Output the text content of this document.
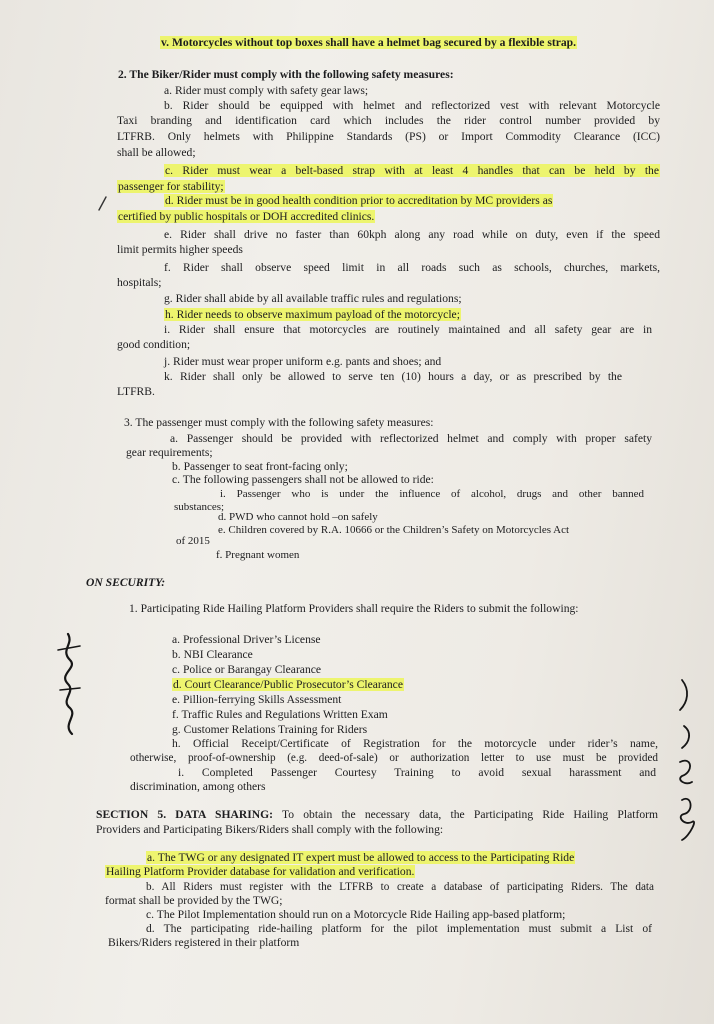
v. Motorcycles without top boxes shall have a helmet bag secured by a flexible strap.
2. The Biker/Rider must comply with the following safety measures:
a. Rider must comply with safety gear laws;
b. Rider should be equipped with helmet and reflectorized vest with relevant Motorcycle
Taxi branding and identification card which includes the rider control number provided by
LTFRB. Only helmets with Philippine Standards (PS) or Import Commodity Clearance (ICC)
shall be allowed;
c. Rider must wear a belt-based strap with at least 4 handles that can be held by the
passenger for stability;
d. Rider must be in good health condition prior to accreditation by MC providers as
certified by public hospitals or DOH accredited clinics.
e. Rider shall drive no faster than 60kph along any road while on duty, even if the speed
limit permits higher speeds
f. Rider shall observe speed limit in all roads such as schools, churches, markets,
hospitals;
g. Rider shall abide by all available traffic rules and regulations;
h. Rider needs to observe maximum payload of the motorcycle;
i. Rider shall ensure that motorcycles are routinely maintained and all safety gear are in
good condition;
j. Rider must wear proper uniform e.g. pants and shoes; and
k. Rider shall only be allowed to serve ten (10) hours a day, or as prescribed by the
LTFRB.
3. The passenger must comply with the following safety measures:
a. Passenger should be provided with reflectorized helmet and comply with proper safety
gear requirements;
b. Passenger to seat front-facing only;
c. The following passengers shall not be allowed to ride:
i. Passenger who is under the influence of alcohol, drugs and other banned
substances;
d. PWD who cannot hold –on safely
e. Children covered by R.A. 10666 or the Children’s Safety on Motorcycles Act
of 2015
f. Pregnant women
ON SECURITY:
1. Participating Ride Hailing Platform Providers shall require the Riders to submit the following:
a. Professional Driver’s License
b. NBI Clearance
c. Police or Barangay Clearance
d. Court Clearance/Public Prosecutor’s Clearance
e. Pillion-ferrying Skills Assessment
f. Traffic Rules and Regulations Written Exam
g. Customer Relations Training for Riders
h. Official Receipt/Certificate of Registration for the motorcycle under rider’s name,
otherwise, proof-of-ownership (e.g. deed-of-sale) or authorization letter to use must be provided
i. Completed Passenger Courtesy Training to avoid sexual harassment and
discrimination, among others
SECTION 5. DATA SHARING: To obtain the necessary data, the Participating Ride Hailing Platform
Providers and Participating Bikers/Riders shall comply with the following:
a. The TWG or any designated IT expert must be allowed to access to the Participating Ride
Hailing Platform Provider database for validation and verification.
b. All Riders must register with the LTFRB to create a database of participating Riders. The data
format shall be provided by the TWG;
c. The Pilot Implementation should run on a Motorcycle Ride Hailing app-based platform;
d. The participating ride-hailing platform for the pilot implementation must submit a List of
Bikers/Riders registered in their platform
